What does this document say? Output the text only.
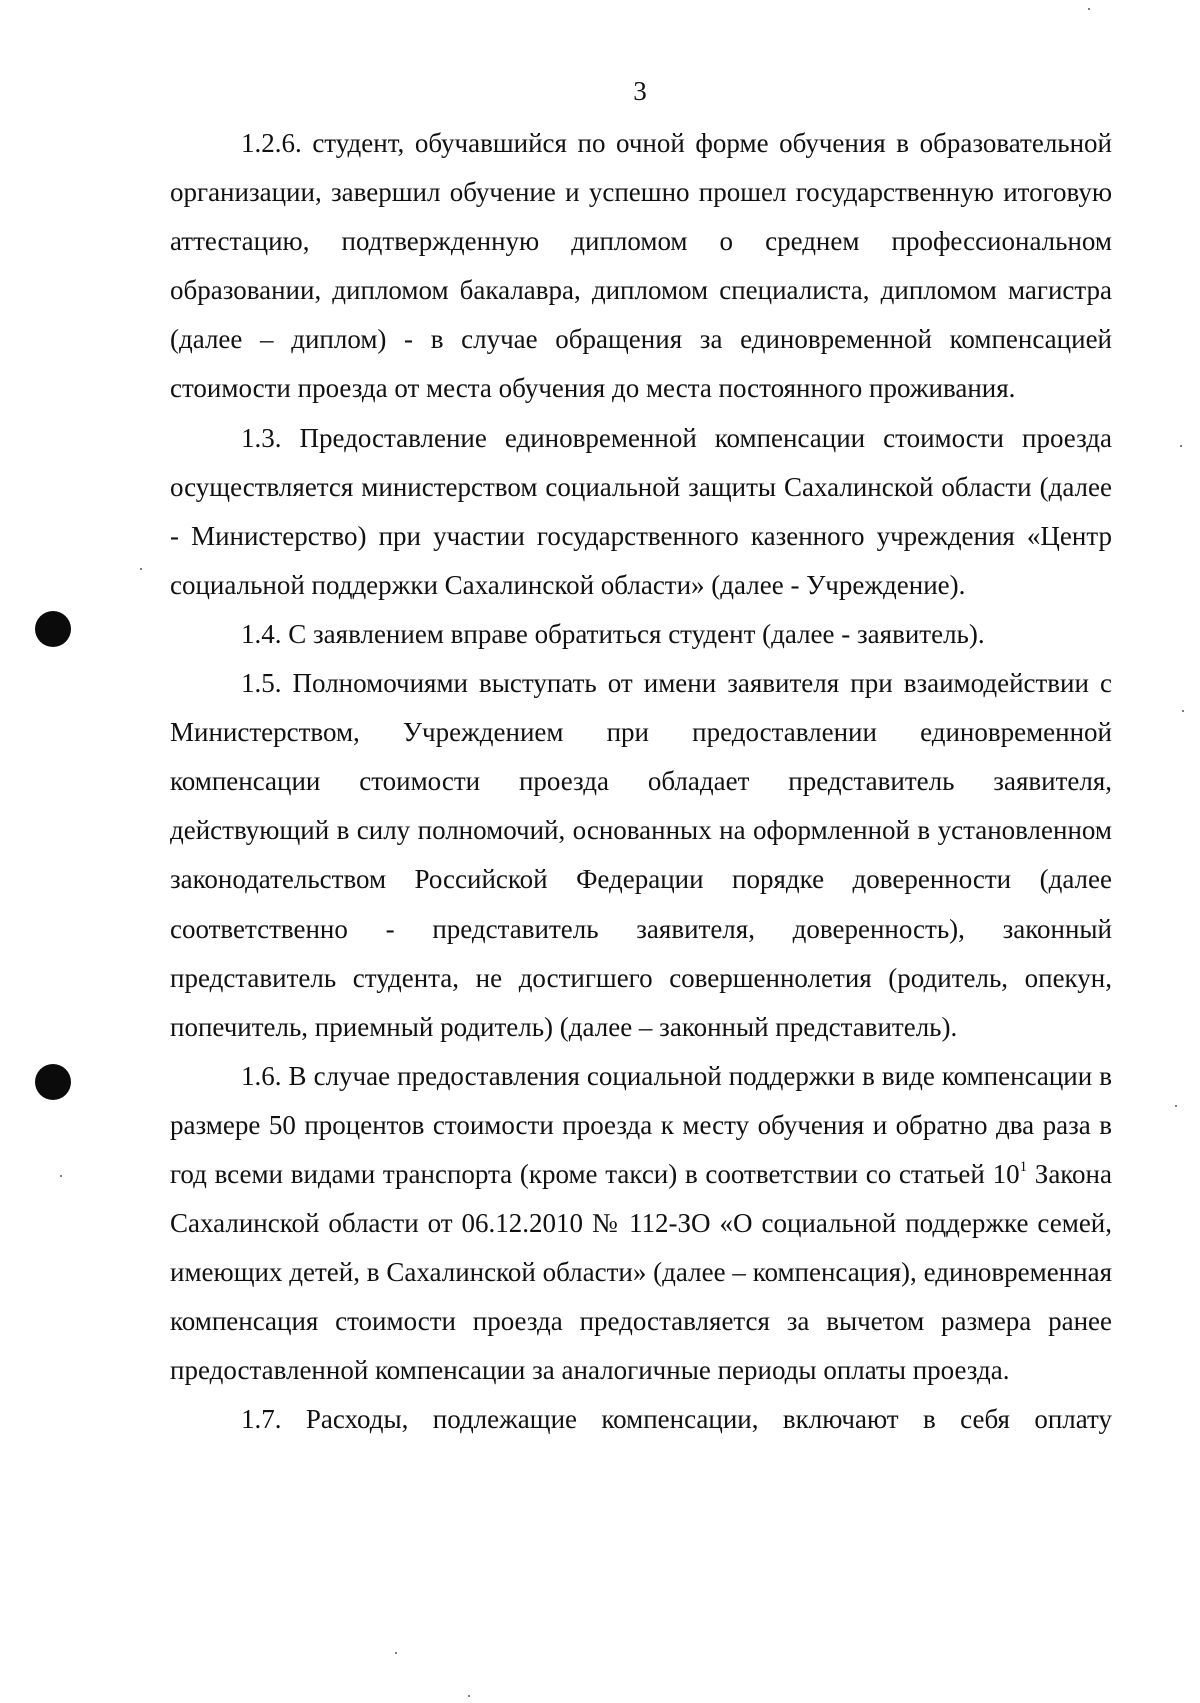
3

1.2.6. студент, обучавшийся по очной форме обучения в образовательной организации, завершил обучение и успешно прошел государственную итоговую аттестацию, подтвержденную дипломом о среднем профессиональном образовании, дипломом бакалавра, дипломом специалиста, дипломом магистра (далее – диплом) - в случае обращения за единовременной компенсацией стоимости проезда от места обучения до места постоянного проживания.

1.3. Предоставление единовременной компенсации стоимости проезда осуществляется министерством социальной защиты Сахалинской области (далее - Министерство) при участии государственного казенного учреждения «Центр социальной поддержки Сахалинской области» (далее - Учреждение).

1.4. С заявлением вправе обратиться студент (далее - заявитель).

1.5. Полномочиями выступать от имени заявителя при взаимодействии с Министерством, Учреждением при предоставлении единовременной компенсации стоимости проезда обладает представитель заявителя, действующий в силу полномочий, основанных на оформленной в установленном законодательством Российской Федерации порядке доверенности (далее соответственно - представитель заявителя, доверенность), законный представитель студента, не достигшего совершеннолетия (родитель, опекун, попечитель, приемный родитель) (далее – законный представитель).

1.6. В случае предоставления социальной поддержки в виде компенсации в размере 50 процентов стоимости проезда к месту обучения и обратно два раза в год всеми видами транспорта (кроме такси) в соответствии со статьей $10^1$ Закона Сахалинской области от 06.12.2010 № 112-ЗО «О социальной поддержке семей, имеющих детей, в Сахалинской области» (далее – компенсация), единовременная компенсация стоимости проезда предоставляется за вычетом размера ранее предоставленной компенсации за аналогичные периоды оплаты проезда.

1.7. Расходы, подлежащие компенсации, включают в себя оплату
